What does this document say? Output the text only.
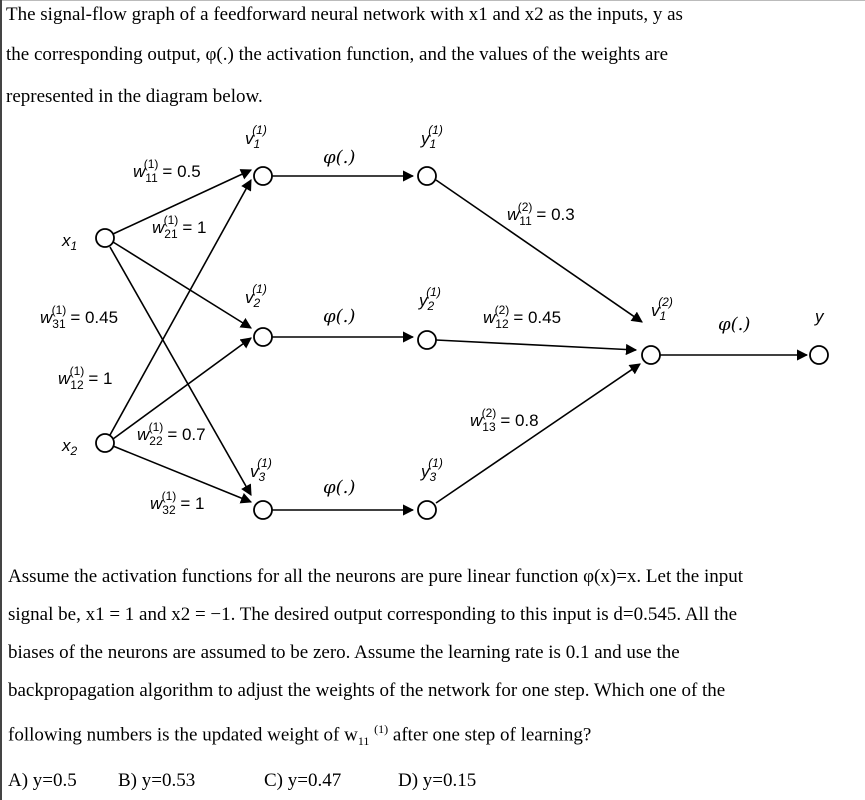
The signal-flow graph of a feedforward neural network with x1 and x2 as the inputs, y as

the corresponding output, φ(.) the activation function, and the values of the weights are

represented in the diagram below.

$x_1$
$x_2$
$v_1(1)$
$v_2(1)$
$v_3(1)$
$y_1(1)$
$y_2(1)$
$y_3(1)$
$v_1(2)$
y
φ(.)
φ(.)
φ(.)
φ(.)
$w_{11}(1) = 0.5$
$w_{21}(1) = 1$
$w_{31}(1) = 0.45$
$w_{12}(1) = 1$
$w_{22}(1) = 0.7$
$w_{32}(1) = 1$
$w_{11}(2) = 0.3$
$w_{12}(2) = 0.45$
$w_{13}(2) = 0.8$

Assume the activation functions for all the neurons are pure linear function φ(x)=x. Let the input

signal be, x1 = 1 and x2 = −1. The desired output corresponding to this input is d=0.545. All the

biases of the neurons are assumed to be zero. Assume the learning rate is 0.1 and use the

backpropagation algorithm to adjust the weights of the network for one step. Which one of the

following numbers is the updated weight of $w_{11}$ $^{(1)}$ after one step of learning?

A) y=0.5 B) y=0.53	C) y=0.47	D) y=0.15
